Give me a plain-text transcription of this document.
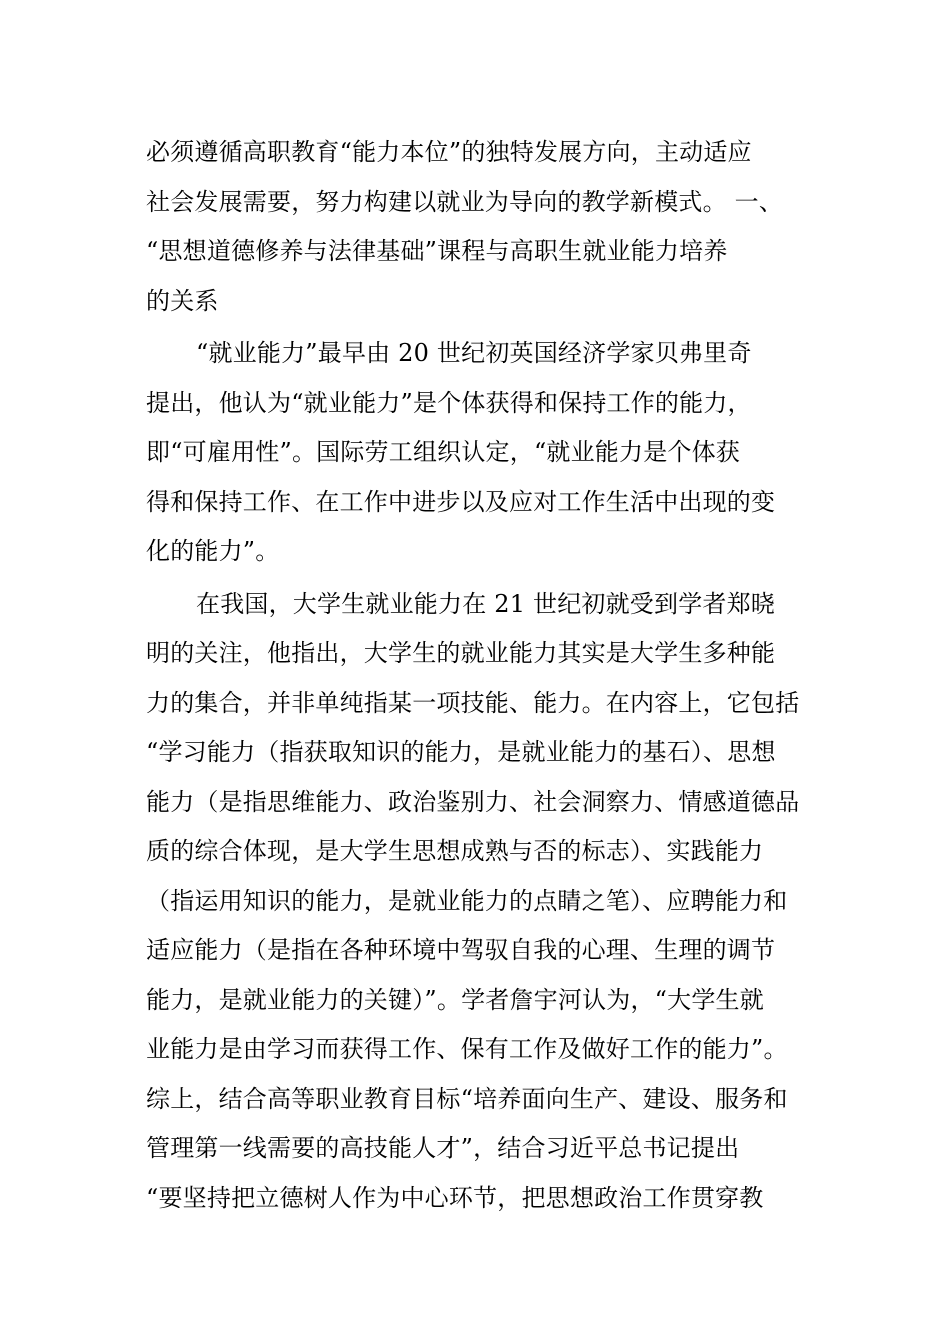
必须遵循高职教育“能力本位”的独特发展方向，主动适应
社会发展需要，努力构建以就业为导向的教学新模式。 一、
“思想道德修养与法律基础”课程与高职生就业能力培养
的关系
“就业能力”最早由 20 世纪初英国经济学家贝弗里奇
提出，他认为“就业能力”是个体获得和保持工作的能力，
即“可雇用性”。国际劳工组织认定，“就业能力是个体获
得和保持工作、在工作中进步以及应对工作生活中出现的变
化的能力”。
在我国，大学生就业能力在 21 世纪初就受到学者郑晓
明的关注，他指出，大学生的就业能力其实是大学生多种能
力的集合，并非单纯指某一项技能、能力。在内容上，它包括
“学习能力（指获取知识的能力，是就业能力的基石）、思想
能力（是指思维能力、政治鉴别力、社会洞察力、情感道德品
质的综合体现，是大学生思想成熟与否的标志）、实践能力
（指运用知识的能力，是就业能力的点睛之笔）、应聘能力和
适应能力（是指在各种环境中驾驭自我的心理、生理的调节
能力，是就业能力的关键）”。学者詹宇河认为，“大学生就
业能力是由学习而获得工作、保有工作及做好工作的能力”。
综上，结合高等职业教育目标“培养面向生产、建设、服务和
管理第一线需要的高技能人才”，结合习近平总书记提出
“要坚持把立德树人作为中心环节，把思想政治工作贯穿教
